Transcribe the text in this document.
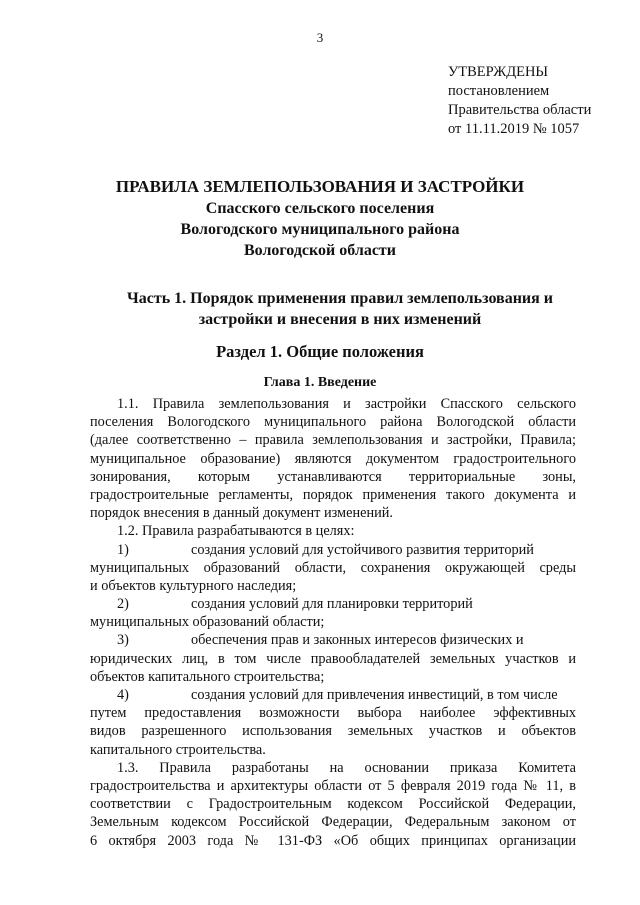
3
УТВЕРЖДЕНЫ
постановлением
Правительства области
от 11.11.2019 № 1057
ПРАВИЛА ЗЕМЛЕПОЛЬЗОВАНИЯ И ЗАСТРОЙКИ
Спасского сельского поселения
Вологодского муниципального района
Вологодской области
Часть 1. Порядок применения правил землепользования и
застройки и внесения в них изменений
Раздел 1. Общие положения
Глава 1. Введение
1.1. Правила землепользования и застройки Спасского сельского
поселения Вологодского муниципального района Вологодской области
(далее соответственно – правила землепользования и застройки, Правила;
муниципальное образование) являются документом градостроительного
зонирования, которым устанавливаются территориальные зоны,
градостроительные регламенты, порядок применения такого документа и
порядок внесения в данный документ изменений.
1.2. Правила разрабатываются в целях:
1)	создания условий для устойчивого развития территорий
муниципальных образований области, сохранения окружающей среды
и объектов культурного наследия;
2)	создания условий для планировки территорий
муниципальных образований области;
3)	обеспечения прав и законных интересов физических и
юридических лиц, в том числе правообладателей земельных участков и
объектов капитального строительства;
4)	создания условий для привлечения инвестиций, в том числе
путем предоставления возможности выбора наиболее эффективных
видов разрешенного использования земельных участков и объектов
капитального строительства.
1.3. Правила разработаны на основании приказа Комитета
градостроительства и архитектуры области от 5 февраля 2019 года № 11, в
соответствии с Градостроительным кодексом Российской Федерации,
Земельным кодексом Российской Федерации, Федеральным законом от
6 октября 2003 года № 131-ФЗ «Об общих принципах организации
